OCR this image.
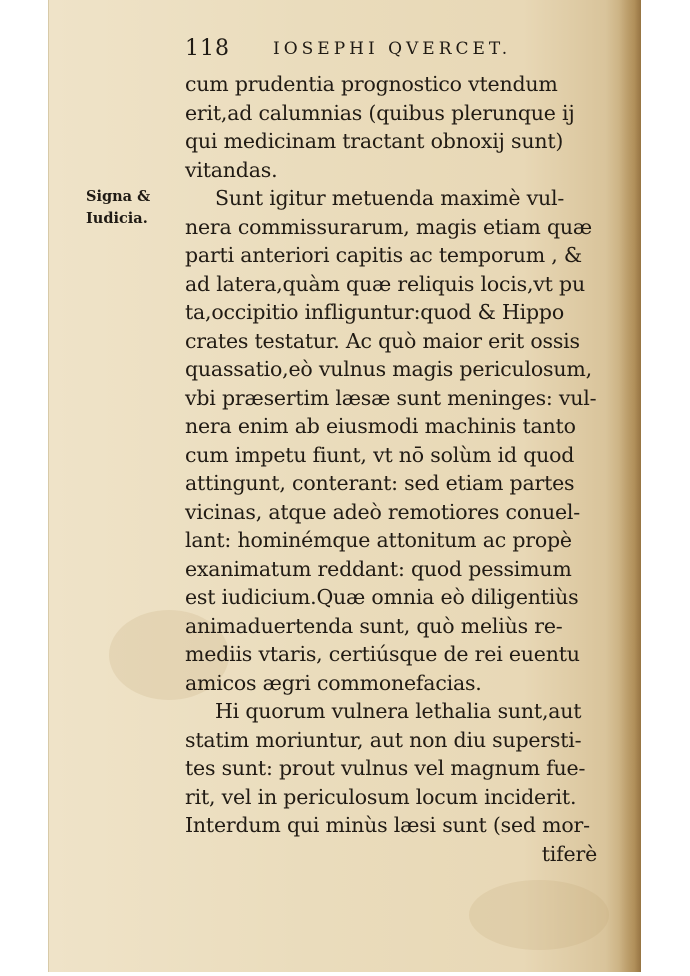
118	IOSEPHI QVERCET.
Signa &
Iudicia.
cum prudentia prognostico vtendum
erit,ad calumnias (quibus plerunque ij
qui medicinam tractant obnoxij sunt)
vitandas.
Sunt igitur metuenda maximè vul-
nera commissurarum, magis etiam quæ
parti anteriori capitis ac temporum , &
ad latera,quàm quæ reliquis locis,vt pu
ta,occipitio infliguntur:quod & Hippo
crates testatur. Ac quò maior erit ossis
quassatio,eò vulnus magis periculosum,
vbi præsertim læsæ sunt meninges: vul-
nera enim ab eiusmodi machinis tanto
cum impetu fiunt, vt nō solùm id quod
attingunt, conterant: sed etiam partes
vicinas, atque adeò remotiores conuel-
lant: hominémque attonitum ac propè
exanimatum reddant: quod pessimum
est iudicium.Quæ omnia eò diligentiùs
animaduertenda sunt, quò meliùs re-
mediis vtaris, certiúsque de rei euentu
amicos ægri commonefacias.
Hi quorum vulnera lethalia sunt,aut
statim moriuntur, aut non diu supersti-
tes sunt: prout vulnus vel magnum fue-
rit, vel in periculosum locum inciderit.
Interdum qui minùs læsi sunt (sed mor-
tiferè
